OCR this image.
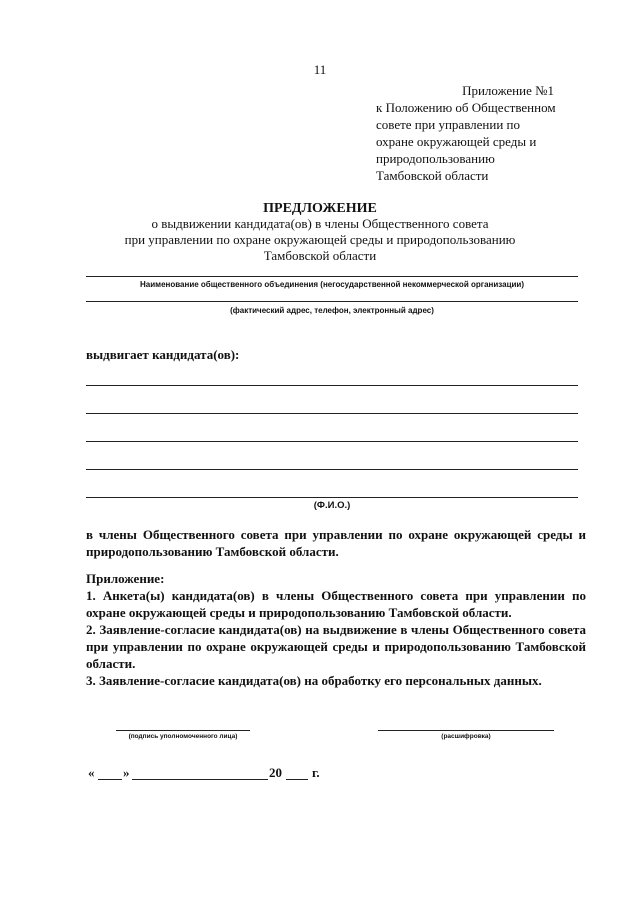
11
Приложение №1
к Положению об Общественном
совете при управлении по
охране окружающей среды и
природопользованию
Тамбовской области
ПРЕДЛОЖЕНИЕ
о выдвижении кандидата(ов) в члены Общественного совета
при управлении по охране окружающей среды и природопользованию
Тамбовской области
Наименование общественного объединения (негосударственной некоммерческой организации)
(фактический адрес, телефон, электронный адрес)
выдвигает кандидата(ов):
(Ф.И.О.)
в члены Общественного совета при управлении по охране окружающей среды и природопользованию Тамбовской области.
Приложение:
1. Анкета(ы) кандидата(ов) в члены Общественного совета при управлении по охране окружающей среды и природопользованию Тамбовской области.
2. Заявление-согласие кандидата(ов) на выдвижение в члены Общественного совета при управлении по охране окружающей среды и природопользованию Тамбовской области.
3. Заявление-согласие кандидата(ов) на обработку его персональных данных.
(подпись уполномоченного лица)	(расшифровка)
« »	20 г.
